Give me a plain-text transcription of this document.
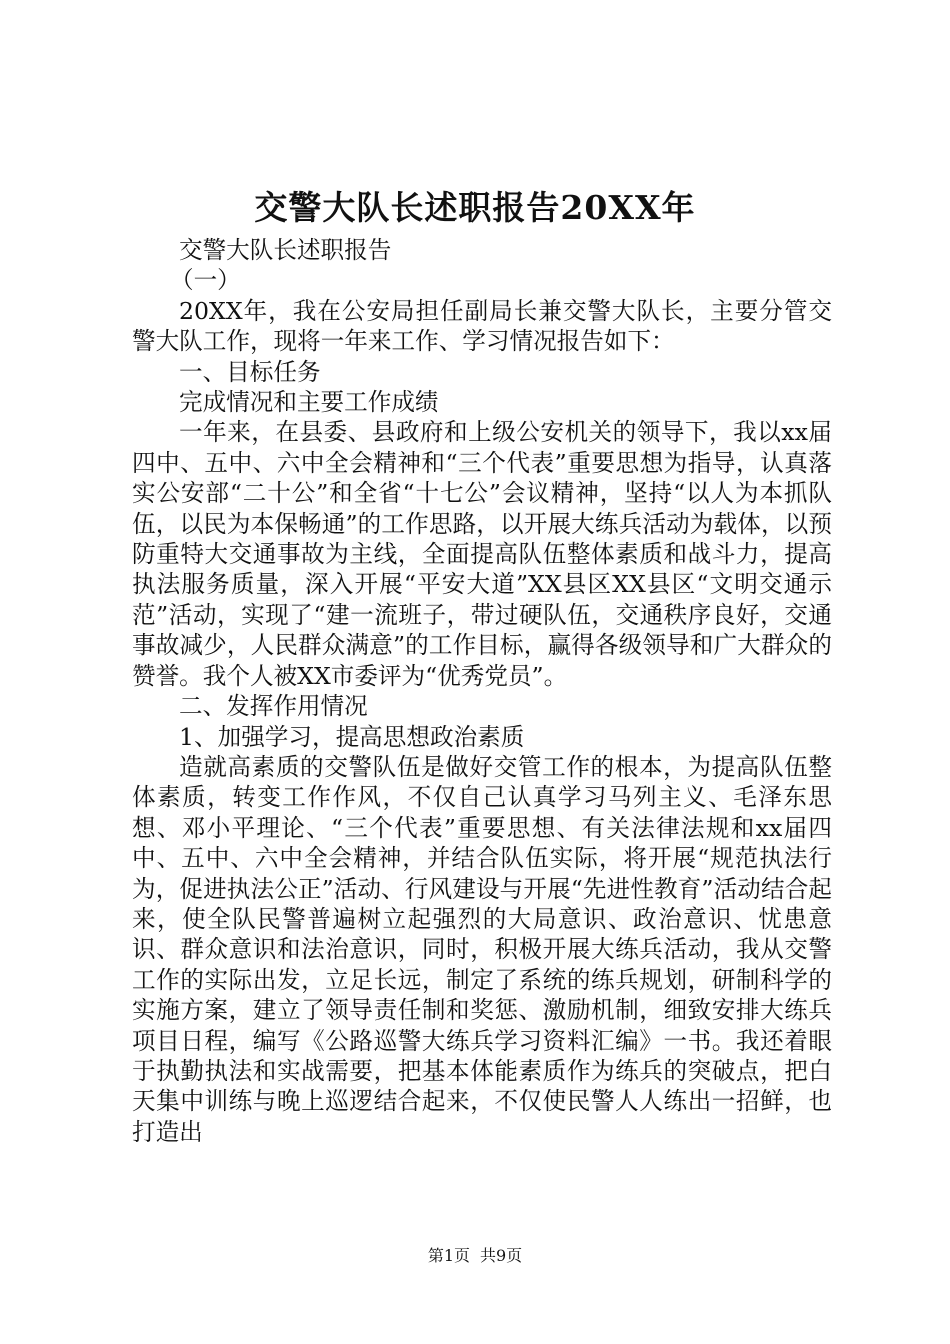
交警大队长述职报告20XX年

交警大队长述职报告

（一）

20XX年，我在公安局担任副局长兼交警大队长，主要分管交警大队工作，现将一年来工作、学习情况报告如下：

一、目标任务

完成情况和主要工作成绩

一年来，在县委、县政府和上级公安机关的领导下，我以xx届四中、五中、六中全会精神和“三个代表”重要思想为指导，认真落实公安部“二十公”和全省“十七公”会议精神，坚持“以人为本抓队伍，以民为本保畅通”的工作思路，以开展大练兵活动为载体，以预防重特大交通事故为主线，全面提高队伍整体素质和战斗力，提高执法服务质量，深入开展“平安大道”XX县区XX县区“文明交通示范”活动，实现了“建一流班子，带过硬队伍，交通秩序良好，交通事故减少，人民群众满意”的工作目标，赢得各级领导和广大群众的赞誉。我个人被XX市委评为“优秀党员”。

二、发挥作用情况

1、加强学习，提高思想政治素质

造就高素质的交警队伍是做好交管工作的根本，为提高队伍整体素质，转变工作作风，不仅自己认真学习马列主义、毛泽东思想、邓小平理论、“三个代表”重要思想、有关法律法规和xx届四中、五中、六中全会精神，并结合队伍实际，将开展“规范执法行为，促进执法公正”活动、行风建设与开展“先进性教育”活动结合起来，使全队民警普遍树立起强烈的大局意识、政治意识、忧患意识、群众意识和法治意识，同时，积极开展大练兵活动，我从交警工作的实际出发，立足长远，制定了系统的练兵规划，研制科学的实施方案，建立了领导责任制和奖惩、激励机制，细致安排大练兵项目日程，编写《公路巡警大练兵学习资料汇编》一书。我还着眼于执勤执法和实战需要，把基本体能素质作为练兵的突破点，把白天集中训练与晚上巡逻结合起来，不仅使民警人人练出一招鲜，也打造出

第1页 共9页
